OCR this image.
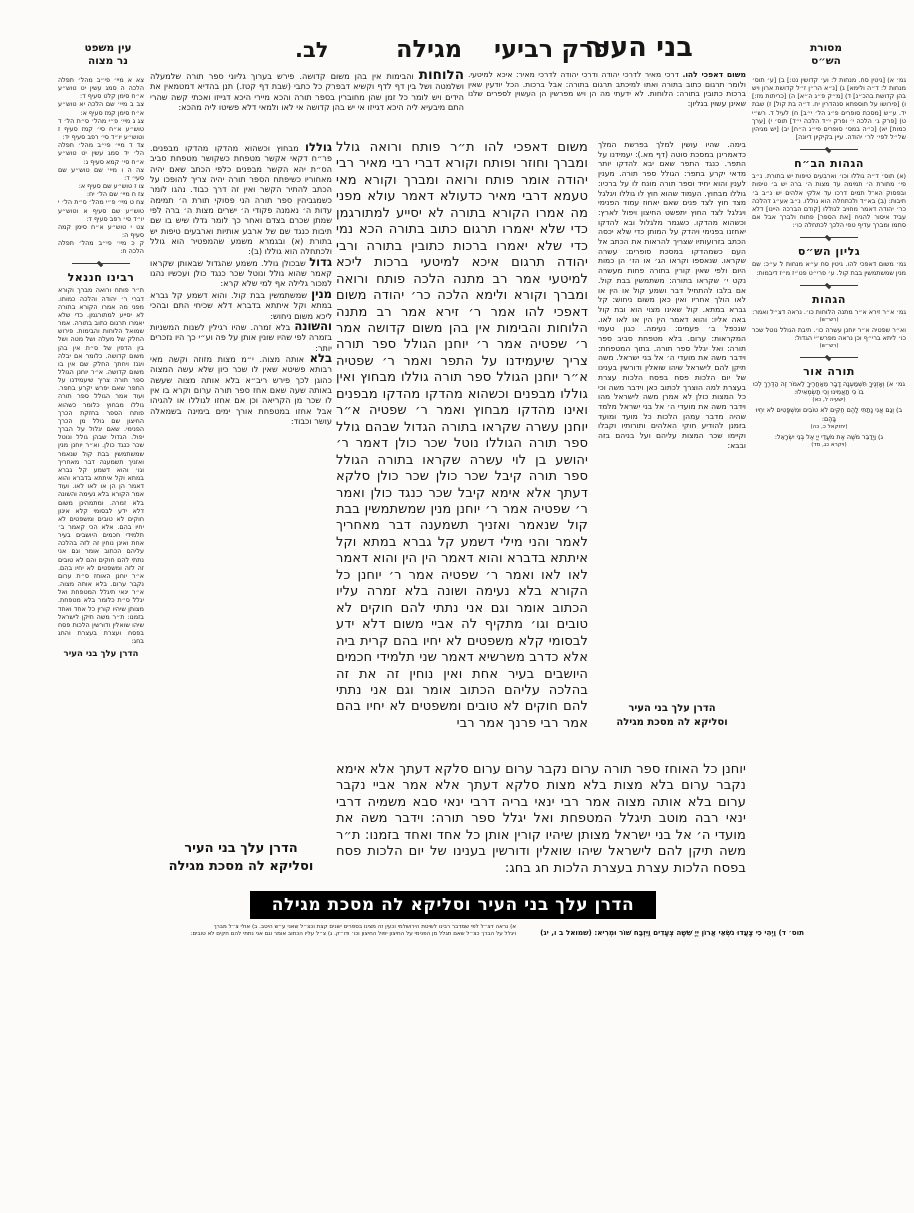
עין משפט
נר מצוה	לב.	מגילה פרק רביעי
בני העיר	מסורת
הש״ס
צא א מיי׳ פי״ב מהל׳ תפלה הלכה ה סמג עשין יט טוש״ע א״ח סימן קלט סעיף ד:
צב ב מיי׳ שם הלכה יא טוש״ע א״ח סימן קמז סעיף א:
צג ג מיי׳ פ״י מהל׳ ס״ת הל׳ ד טוש״ע א״ח סי׳ קמז סעיף ז וטוש״ע יו״ד סי׳ רפב סעיף יד:
צד ד מיי׳ פי״ב מהל׳ תפלה הל׳ יד סמג עשין יט טוש״ע א״ח סי׳ קמא סעיף ג:
צה ה ו מיי׳ שם טוש״ע שם סעי׳ ד:
צו ז טוש״ע שם סעיף א:
צז ח מיי׳ שם הל׳ יח:
צח ט מיי׳ פ״י מהל׳ ס״ת הל׳ י טוש״ע שם סעיף א וטוש״ע יו״ד סי׳ רפב סעיף ד:
צט י טוש״ע א״ח סימן קמה סעיף ה:
ק כ מיי׳ פי״ב מהל׳ תפלה הלכה ח:
רבינו חננאל
ת״ר פותח ורואה מברך וקורא דברי ר׳ יהודה והלכה כמותו. מפני מה אמרו הקורא בתורה לא יסייע למתורגמן. כדי שלא יאמרו תרגום כתוב בתורה. אמר שמואל הלוחות והבימות. פירוש החלק של מעלה ושל מטה ושל בין הדפין של ס״ת אין בהן משום קדושה. כלומר אם יבלה ויגנז ויחתך החלק שם אין בו משום קדושה. א״ר יוחנן הגולל ספר תורה צריך שיעמידנו על התפר שאם יפרש יקרע בתפר. ועוד אמר הגולל ספר תורה גוללו מבחוץ כלומר כשהוא פותח הספר בחזקת הכרך החיצון שם גולל מן הכרך הפנימי. שאם יגלול על הברך יפול. הגדול שבהן גולל ונוטל שכר כנגד כולן. וא״ר יוחנן מנין שמשתמשין בבת קול שנאמר ואזניך תשמענה דבר מאחריך וגו׳ והוא דשמע קל גברא במתא וקל איתתא בדברא והוא דאמר הן הן או לאו לאו. ועוד אמר הקורא בלא נעימה והשונה בלא זמרה. ומתמהינן משום דלא ידע לבסומי קלא אינון חוקים לא טובים ומשפטים לא יחיו בהם. אלא הכי קאמר ב׳ תלמידי חכמים היושבים בעיר אחת ואינן נוחין זה לזה בהלכה עליהם הכתוב אומר וגם אני נתתי להם חוקים והם לא טובים זה לזה ומשפטים לא יחיו בהם. א״ר יוחנן האוחז ס״ת ערום נקבר ערום. בלא אותה מצוה. א״ר ינאי תיגלל המטפחת ואל יגלל ס״ת כלומר בלא מטפחת. מצותן שיהיו קורין כל אחד ואחד בזמנו: ת״ר משה תיקן לישראל שיהו שואלין ודורשין הלכות פסח בפסח ועצרת בעצרת והחג בחג:
הדרן עלך בני העיר
גמ׳ א) [גיטין סח. מנחות ל: וע׳ קדושין נט:] ב) [ע׳ תוס׳ מנחות ל: ד״ה ולימא] ג) [נ״א הר״ן ז״ל קדושת ארון ויש בהן קדושת בהכ״נ] ד) [מ״ק פ״ג ה״א] ה) [כריתות מז:] ו) [פירושו על תוספתא סנהדרין יח. ד״ה בת קול] ז) שבת יד. ע״ש [מסכת סופרים פ״ג הל׳ י״ב] ח) לעיל ד. רש״י ט) [פרק ג׳ הלכה י׳ ופרק י״ד הלכה י״ד] תוס׳ י) [ערך כמות] יא) [כ״ה במס׳ סופרים פי״ג ה״ח] יב) [יש מגיהין של״ל לפי׳ לר׳ יהודה. עיין בקיקיון דיונה]
הגהות הב״ח
(א) תוס׳ ד״ה גוללו וכו׳ וארבעים טיפות יש בתורת. נ״ב פי׳ מתורת ה׳ תמימה עד מצות ה׳ ברה יש ב׳ טיפות ובפסוק הא־ל תמים דרכו עד אלקי אלהים יש נ״ב ב׳ תיבות: (ב) בא״ד ולכתחלה הוא גוללו. נ״ב אע״ג דהלכה כר׳ יהודה דאמר מחויב לגוללו [קודם הברכה היינו] דלא עביד איסור להניח [את הספר] פתוח ולברך אבל אם סתמו ומברך עדיף טפי הלכך לכתחלה כו׳:
גליון הש״ס
גמ׳ משום דאפכי להו. גיטין סח ע״א מנחות ל ע״כ: שם מנין שמשתמשין בבת קול. ע׳ פרי״ט פט״ז מ״ז דיבמות:
הגהות
גמ׳ א״ר זירא א״ר מתנה הלוחות כו׳. נראה דצ״ל ואמר:
(רש״ש)
וא״ר שפטיה א״ר יוחנן עשרה כו׳. תיבת הגולל נוטל שכר כו׳ ליתא ברי״ף וכן נראה מפרש״י הגדול:
(רש״ש)
תורה אור
גמ׳ א) וְאָזְנֶיךָ תִּשְׁמַעְנָה דָבָר מֵאַחֲרֶיךָ לֵאמֹר זֶה הַדֶּרֶךְ לְכוּ בוֹ כִּי תַאֲמִינוּ וְכִי תַשְׂמְאִילוּ:
(ישעיה ל, כא)
ב) וְגַם אֲנִי נָתַתִּי לָהֶם חֻקִּים לֹא טוֹבִים וּמִשְׁפָּטִים לֹא יִחְיוּ בָּהֶם:
(יחזקאל כ, כה)
ג) וַיְדַבֵּר מֹשֶׁה אֶת מֹעֲדֵי יְיָ אֶל בְּנֵי יִשְׂרָאֵל:
(ויקרא כג, מד)
הלוחות והבימות אין בהן משום קדושה. פירש בערוך גליוני ספר תורה שלמעלה ושלמטה ושל בין דף לדף וקשיא דבפרק כל כתבי (שבת דף קטז.) תנן בהדיא דמטמאין את הידים ויש לומר כל זמן שהן מחוברין בספר תורה והכא מיירי היכא דגייזו ואכתי קשה שהרי התם מיבעיא ליה היכא דגייזו אי יש בהן קדושה אי לאו ולמאי דלא פשיטו ליה מהכא:
משום דאפכי להו. דרכי מאיר לדרכי יהודה ודרכי יהודה לדרכי מאיר: איכא למיטעי. ולומר תרגום כתוב בתורה ואתו למיכתב תרגום בתורה: אבל ברכות. הכל יודעין שאין ברכות כתובין בתורה: הלוחות. לא ידעתי מה הן ויש מפרשין הן העשוין לספרים שלנו שאינן עשוין בגליון:

גוללו מבחוץ וכשהוא מהדקו מהדקו מבפנים. פר״ח דקאי אקשר מטפחת כשקושר מטפחת סביב הס״ת יהא הקשר מבפנים כלפי הכתב שאם יהיה מאחוריו כשיפתח הספר תורה יהיה צריך להופכו על הכתב להתיר הקשר ואין זה דרך כבוד. נהגו לומר כשמגביהין ספר תורה הני פסוקי תורת ה׳ תמימה עדות ה׳ נאמנה פקודי ה׳ ישרים מצות ה׳ ברה לפי שמתן שכרם בצדם ואחר כך לומר גדלו שיש בו שם תיבות כנגד שם של ארבע אותיות וארבעים טיפות יש בתורת (א) ובגמרא משמע שהמפטיר הוא גולל ולכתחלה הוא גוללו (ב):

גדול שבכולן גולל. משמע שהגדול שבאותן שקראו קאמר שהוא גולל ונוטל שכר כנגד כולן ועכשיו נהגו למכור גלילה אף למי שלא קרא:

מנין שמשתמשין בבת קול. והוא דשמע קל גברא במתא וקל איתתא בדברא דלא שכיחי התם ובהכי ליכא משום ניחוש:

והשונה בלא זמרה. שהיו רגילין לשנות המשניות בזמרה לפי שהיו שונין אותן על פה וע״י כך היו נזכרים יותר:

בלא אותה מצוה. י״מ מצות מזוזה וקשה מאי רבותא פשיטא שאין לו שכר כיון שלא עשה המצוה כהוגן לכך פירש ריב״א בלא אותה מצוה שעשה באותה שעה שאם אחז ספר תורה ערום וקרא בו אין לו שכר מן הקריאה וכן אם אחזו לגוללו או להגיהו אבל אחזו במטפחת אורך ימים בימינה בשמאלה עושר וכבוד:

הדרן עלך בני העיר
וסליקא לה מסכת מגילה
משום דאפכי להו ת״ר פותח ורואה גולל ומברך וחוזר ופותח וקורא דברי רבי מאיר רבי יהודה אומר פותח ורואה ומברך וקורא מאי טעמא דרבי מאיר כדעולא דאמר עולא מפני מה אמרו הקורא בתורה לא יסייע למתורגמן כדי שלא יאמרו תרגום כתוב בתורה הכא נמי כדי שלא יאמרו ברכות כתובין בתורה ורבי יהודה תרגום איכא למיטעי ברכות ליכא למיטעי אמר רב מתנה הלכה פותח ורואה ומברך וקורא ולימא הלכה כר׳ יהודה משום דאפכי להו אמר ר׳ זירא אמר רב מתנה הלוחות והבימות אין בהן משום קדושה אמר ר׳ שפטיה אמר ר׳ יוחנן הגולל ספר תורה צריך שיעמידנו על התפר ואמר ר׳ שפטיה א״ר יוחנן הגולל ספר תורה גוללו מבחוץ ואין גוללו מבפנים וכשהוא מהדקו מהדקו מבפנים ואינו מהדקו מבחוץ ואמר ר׳ שפטיה א״ר יוחנן עשרה שקראו בתורה הגדול שבהם גולל ספר תורה הגוללו נוטל שכר כולן דאמר ר׳ יהושע בן לוי עשרה שקראו בתורה הגולל ספר תורה קיבל שכר כולן שכר כולן סלקא דעתך אלא אימא קיבל שכר כנגד כולן ואמר ר׳ שפטיה אמר ר׳ יוחנן מנין שמשתמשין בבת קול שנאמר ואזניך תשמענה דבר מאחריך לאמר והני מילי דשמע קל גברא במתא וקל איתתא בדברא והוא דאמר הין הין והוא דאמר לאו לאו ואמר ר׳ שפטיה אמר ר׳ יוחנן כל הקורא בלא נעימה ושונה בלא זמרה עליו הכתוב אומר וגם אני נתתי להם חוקים לא טובים וגו׳ מתקיף לה אביי משום דלא ידע לבסומי קלא משפטים לא יחיו בהם קרית ביה אלא כדרב משרשיא דאמר שני תלמידי חכמים היושבים בעיר אחת ואין נוחין זה את זה בהלכה עליהם הכתוב אומר וגם אני נתתי להם חוקים לא טובים ומשפטים לא יחיו בהם אמר רבי פרנך אמר רבי
בימה. שהיו עושין למלך בפרשת המלך כדאמרינן במסכת סוטה (דף מא.): יעמידנו על התפר. כנגד התפר שאם יבא להדקו יותר מדאי יקרע בתפר: הגולל ספר תורה. מענין לענין והוא יחיד וספר תורה מונח לו על ברכיו: גוללו מבחוץ. העמוד שהוא חוץ לו גוללו ויגלגל מצד חוץ לצד פנים שאם יאחוז עמוד הפנימי ויגלגל לצד החוץ יתפשט החיצון ויפול לארץ: וכשהוא מהדקו. כשגמר מלגלול ובא להדקו יאחזנו בפנימי ויהדק על המותן כדי שלא יכסה הכתב בזרועותיו שצריך להראות את הכתב אל העם כשמהדקו במסכת סופרים: עשרה שקראו. שנאספו וקראו הג׳ או הז׳ הן כמות היום ולפי שאין קורין בתורה פחות מעשרה נקט י׳ שקראו בתורה: משתמשין בבת קול. אם בלבו להתחיל דבר ושמע קול או הין או לאו הולך אחריו ואין כאן משום ניחוש: קל גברא במתא. קול שאינו מצוי הוא ובת קול באה אליו: והוא דאמר הין הין או לאו לאו. שנכפל ב׳ פעמים: נעימה. כגון טעמי המקראות: ערום. בלא מטפחת סביב ספר תורה: ואל יגלל ספר תורה. בתוך המטפחת: וידבר משה את מועדי ה׳ אל בני ישראל. משה תיקן להם לישראל שיהו שואלין ודורשין בענינו של יום הלכות פסח בפסח הלכות עצרת בעצרת למה הוצרך לכתוב כאן וידבר משה וכי כל המצות כולן לא אמרן משה לישראל מהו וידבר משה את מועדי ה׳ אל בני ישראל מלמד שהיה מדבר עמהן הלכות כל מועד ומועד בזמנן להודיע חוקי האלהים ותורותיו וקבלו וקיימו שכר המצות עליהם ועל בניהם בזה ובבא:
הדרן עלך בני העיר
וסליקא לה מסכת מגילה
יוחנן כל האוחז ספר תורה ערום נקבר ערום ערום סלקא דעתך אלא אימא נקבר ערום בלא מצות בלא מצות סלקא דעתך אלא אמר אביי נקבר ערום בלא אותה מצוה אמר רבי ינאי בריה דרבי ינאי סבא משמיה דרבי ינאי רבה מוטב תיגלל המטפחת ואל יגלל ספר תורה: וידבר משה את מועדי ה׳ אל בני ישראל מצותן שיהיו קורין אותן כל אחד ואחד בזמנו: ת״ר משה תיקן להם לישראל שיהו שואלין ודורשין בענינו של יום הלכות פסח בפסח הלכות עצרת בעצרת הלכות חג בחג:
הדרן עלך בני העיר וסליקא לה מסכת מגילה
תוס׳ ד) וַיְהִי כִּי צָעֲדוּ נֹשְׂאֵי אֲרוֹן יְיָ שִׁשָּׁה צְעָדִים וַיִּזְבַּח שׁוֹר וּמְרִיא: (שמואל ב ו, יג)
א) נראה דצ״ל לפי שמדבר רבינו לשיטת הירושלמי וכעין זה מצינו בספרים ישנים קצת וכצ״ל שאני ע״ש היטב. ב) אולי צ״ל מברך
ויגלל על הברך כצ״ל שאם תגלל מן הפנימי על החיצון יפול החיצון וכו׳ ודו״ק. ג) צ״ל עליו הכתוב אומר וגם אני נתתי להם חקים לא טובים:
